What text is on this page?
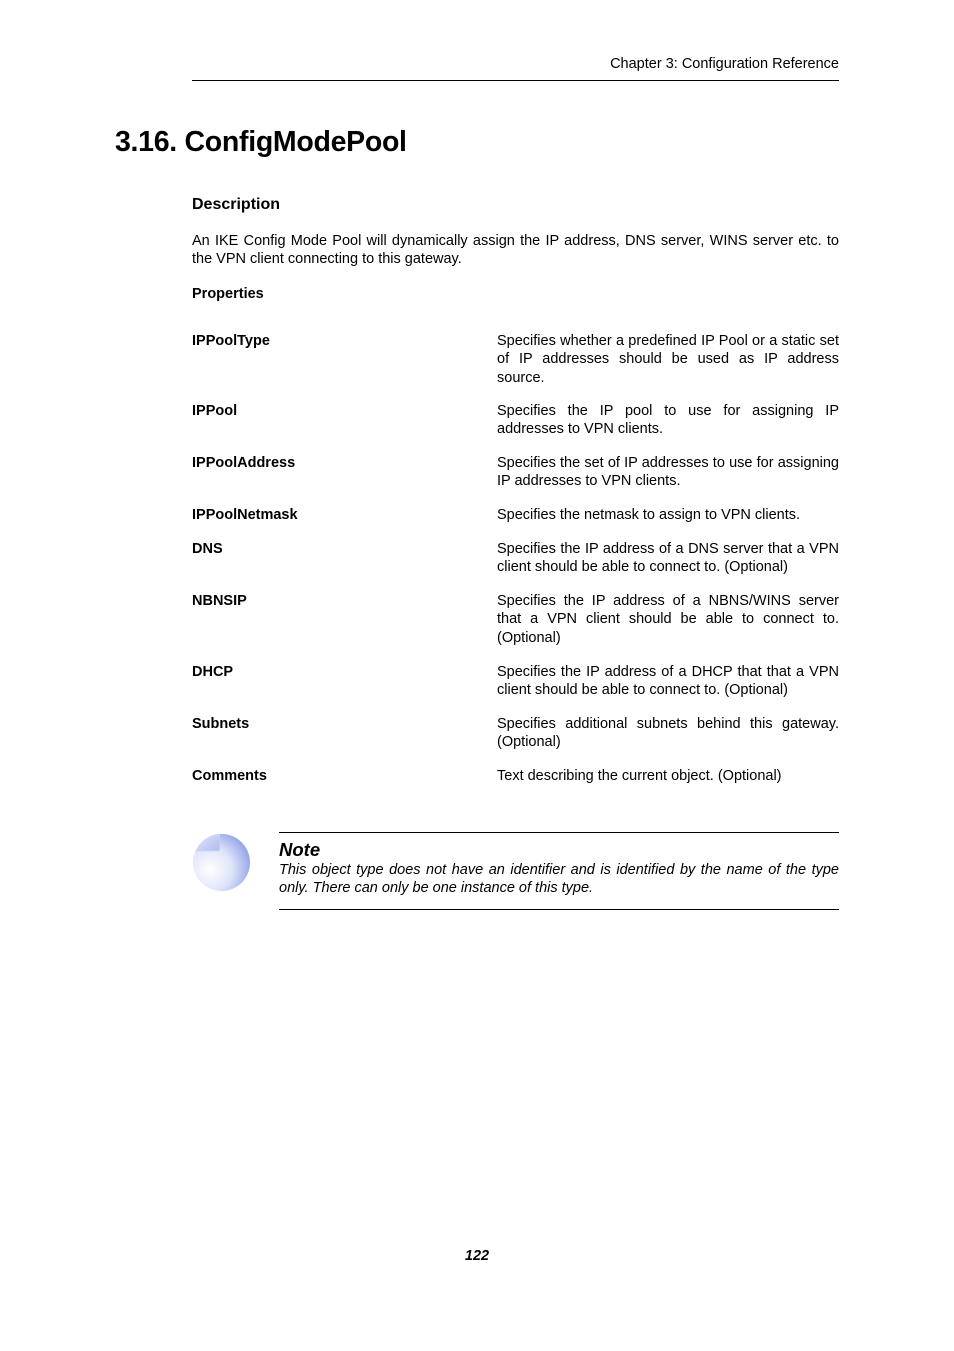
Chapter 3: Configuration Reference
3.16. ConfigModePool
Description

An IKE Config Mode Pool will dynamically assign the IP address, DNS server, WINS server etc. to the VPN client connecting to this gateway.

Properties
IPPoolType	Specifies whether a predefined IP Pool or a static set of IP addresses should be used as IP address source.
IPPool	Specifies the IP pool to use for assigning IP addresses to VPN clients.
IPPoolAddress	Specifies the set of IP addresses to use for assigning IP addresses to VPN clients.
IPPoolNetmask	Specifies the netmask to assign to VPN clients.
DNS	Specifies the IP address of a DNS server that a VPN client should be able to connect to. (Optional)
NBNSIP	Specifies the IP address of a NBNS/WINS server that a VPN client should be able to connect to. (Optional)
DHCP	Specifies the IP address of a DHCP that that a VPN client should be able to connect to. (Optional)
Subnets	Specifies additional subnets behind this gateway. (Optional)
Comments	Text describing the current object. (Optional)
Note

This object type does not have an identifier and is identified by the name of the type only. There can only be one instance of this type.

122
